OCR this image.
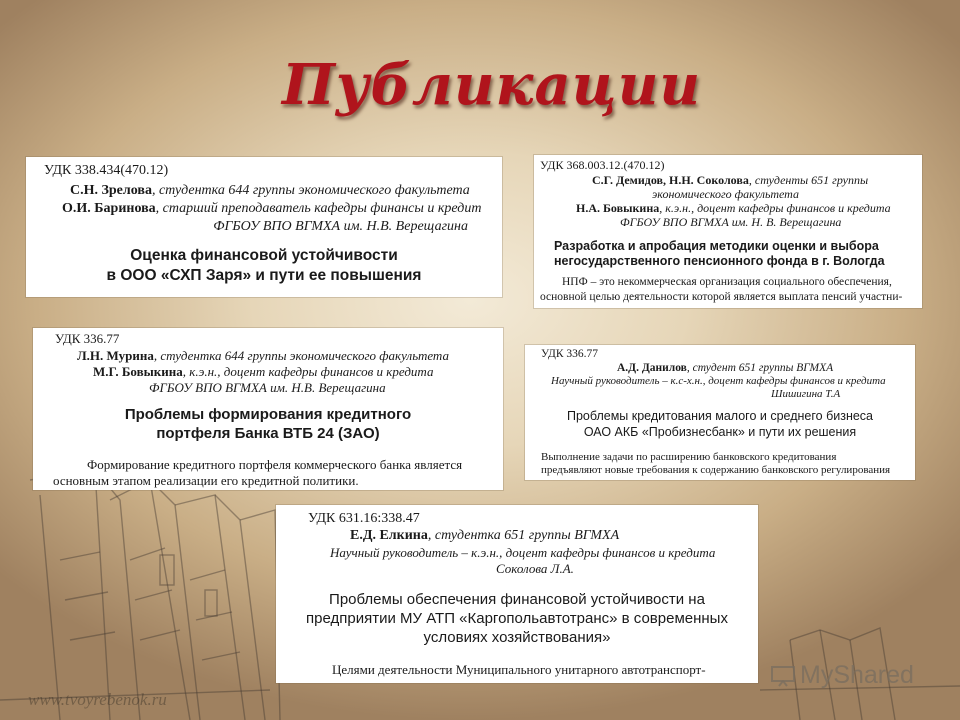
Публикации
УДК 338.434(470.12)
С.Н. Зрелова, студентка 644 группы экономического факультета
О.И. Баринова, старший преподаватель кафедры финансы и кредит
ФГБОУ ВПО ВГМХА им. Н.В. Верещагина
Оценка финансовой устойчивости
в ООО «СХП Заря» и пути ее повышения
УДК 368.003.12.(470.12)
С.Г. Демидов, Н.Н. Соколова, студенты 651 группы
экономического факультета
Н.А. Бовыкина, к.э.н., доцент кафедры финансов и кредита
ФГБОУ ВПО ВГМХА им. Н. В. Верещагина
Разработка и апробация методики оценки и выбора
негосударственного пенсионного фонда в г. Вологда
НПФ – это некоммерческая организация социального обеспечения,
основной целью деятельности которой является выплата пенсий участни-
УДК 336.77
Л.Н. Мурина, студентка 644 группы экономического факультета
М.Г. Бовыкина, к.э.н., доцент кафедры финансов и кредита
ФГБОУ ВПО ВГМХА им. Н.В. Верещагина
Проблемы формирования кредитного
портфеля Банка ВТБ 24 (ЗАО)
Формирование кредитного портфеля коммерческого банка является
основным этапом реализации его кредитной политики.
УДК 336.77
А.Д. Данилов, студент 651 группы ВГМХА
Научный руководитель – к.с-х.н., доцент кафедры финансов и кредита
Шишигина Т.А
Проблемы кредитования малого и среднего бизнеса
ОАО АКБ «Пробизнесбанк» и пути их решения
Выполнение задачи по расширению банковского кредитования
предъявляют новые требования к содержанию банковского регулирования
УДК 631.16:338.47
Е.Д. Елкина, студентка 651 группы ВГМХА
Научный руководитель – к.э.н., доцент кафедры финансов и кредита
Соколова Л.А.
Проблемы обеспечения финансовой устойчивости на
предприятии МУ АТП «Каргопольавтотранс» в современных
условиях хозяйствования»
Целями деятельности Муниципального унитарного автотранспорт-	MyShared
www.tvoyrebenok.ru
